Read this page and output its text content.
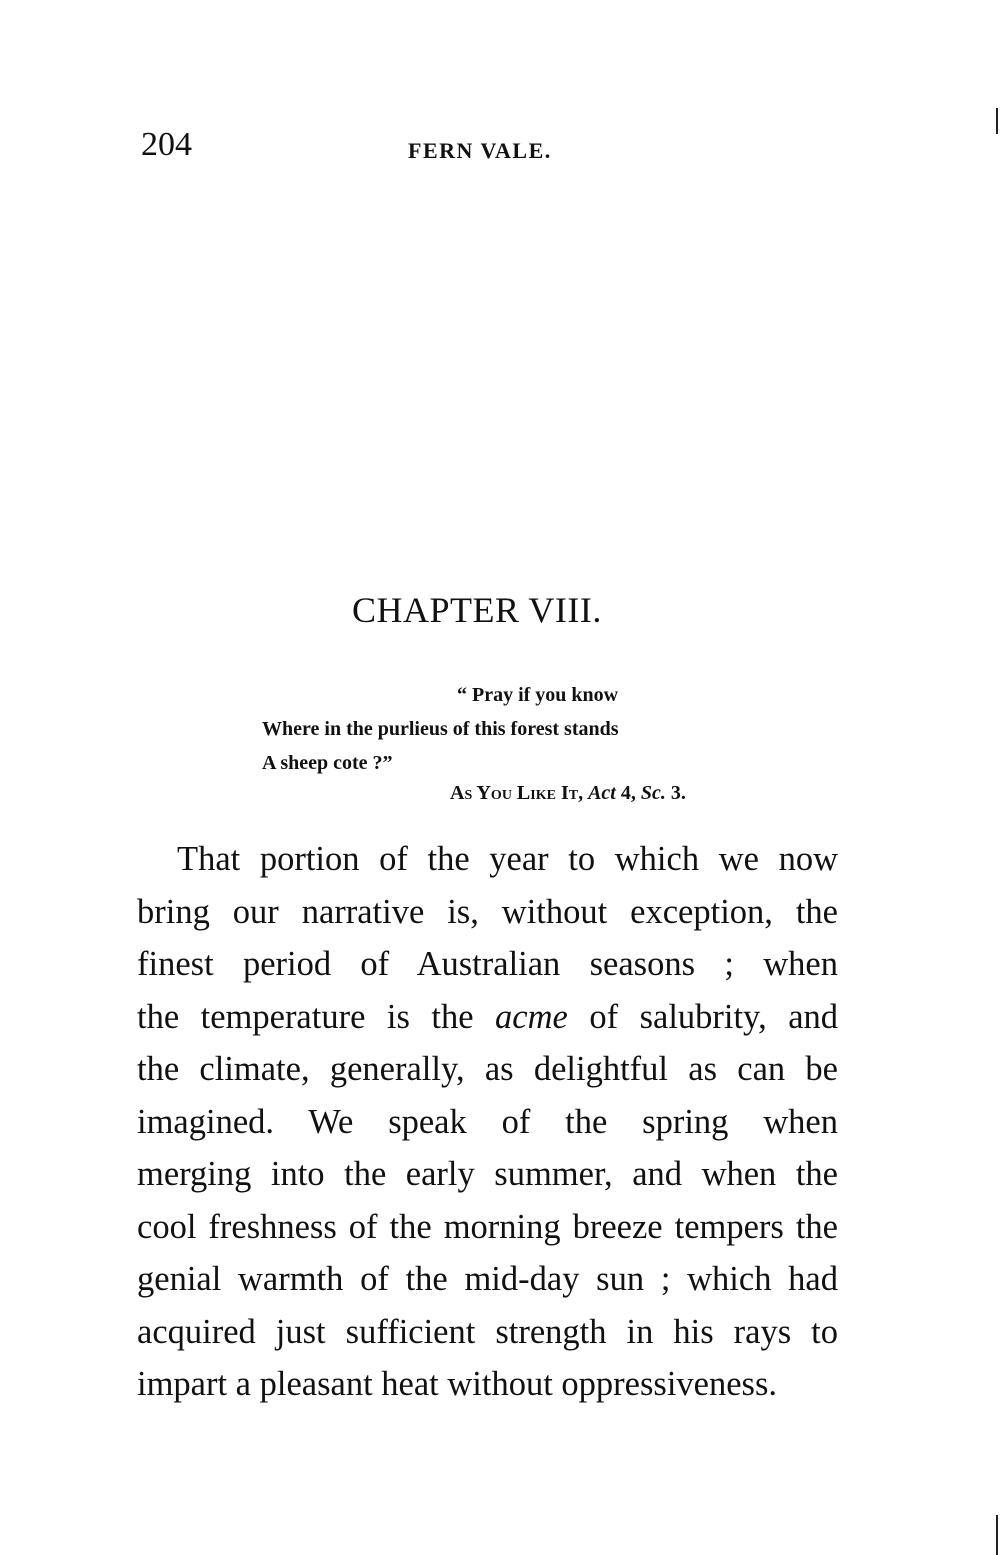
204	FERN VALE.
CHAPTER VIII.
“ Pray if you know
Where in the purlieus of this forest stands
A sheep cote ?”
As You Like It, Act 4, Sc. 3.
That portion of the year to which we now
bring our narrative is, without exception, the
finest period of Australian seasons ; when
the temperature is the acme of salubrity, and
the climate, generally, as delightful as can be
imagined. We speak of the spring when
merging into the early summer, and when the
cool freshness of the morning breeze tempers the
genial warmth of the mid-day sun ; which had
acquired just sufficient strength in his rays to
impart a pleasant heat without oppressiveness.
